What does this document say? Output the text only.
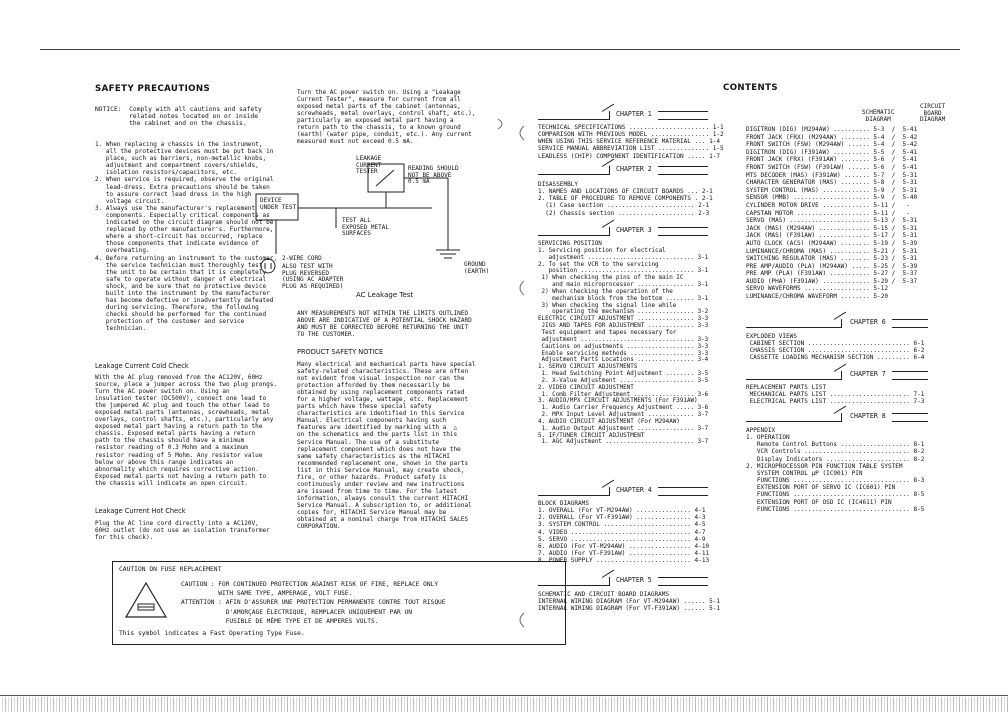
SAFETY PRECAUTIONS
NOTICE:  Comply with all cautions and safety
related notes located on or inside
the cabinet and on the chassis.
1. When replacing a chassis in the instrument,
all the protective devices must be put back in
place, such as barriers, non-metallic knobs,
adjustment and compartment covers/shields,
isolation resistors/capacitors, etc.
2. When service is required, observe the original
lead-dress. Extra precautions should be taken
to assure correct lead dress in the high
voltage circuit.
3. Always use the manufacturer's replacement
components. Especially critical components as
indicated on the circuit diagram should not be
replaced by other manufacturer's. Furthermore,
where a short-circuit has occurred, replace
those components that indicate evidence of
overheating.
4. Before returning an instrument to the customer,
the service technician must thoroughly test
the unit to be certain that it is completely
safe to operate without danger of electrical
shock, and be sure that no protective device
built into the instrument by the manufacturer
has become defective or inadvertently defeated
during servicing. Therefore, the following
checks should be performed for the continued
protection of the customer and service
technician.
Leakage Current Cold Check
With the AC plug removed from the AC120V, 60Hz
source, place a jumper across the two plug prongs.
Turn the AC power switch on. Using an
insulation tester (DC500V), connect one lead to
the jumpered AC plug and touch the other lead to
exposed metal parts (antennas, screwheads, metal
overlays, control shafts, etc.), particularly any
exposed metal part having a return path to the
chassis. Exposed metal parts having a return
path to the chassis should have a minimum
resistor reading of 0.3 Mohm and a maximum
resistor reading of 5 Mohm. Any resistor value
below or above this range indicates an
abnormality which requires corrective action.
Exposed metal parts not having a return path to
the chassis will indicate an open circuit.
Leakage Current Hot Check
Plug the AC line cord directly into a AC120V,
60Hz outlet (do not use an isolation transformer
for this check).
Turn the AC power switch on. Using a "Leakage
Current Tester", measure for current from all
exposed metal parts of the cabinet (antennas,
screwheads, metal overlays, control shaft, etc.),
particularly an exposed metal part having a
return path to the chassis, to a known ground
(earth) (water pipe, conduit, etc.). Any current
measured must not exceed 0.5 mA.
LEAKAGE
CURRENT
TESTER	READING SHOULD
NOT BE ABOVE
0.5 mA
DEVICE
UNDER TEST
TEST ALL
EXPOSED METAL
SURFACES
2-WIRE CORD
ALSO TEST WITH
PLUG REVERSED
(USING AC ADAPTER
PLUG AS REQUIRED)
GROUND
(EARTH)
AC Leakage Test
ANY MEASUREMENTS NOT WITHIN THE LIMITS OUTLINED
ABOVE ARE INDICATIVE OF A POTENTIAL SHOCK HAZARD
AND MUST BE CORRECTED BEFORE RETURNING THE UNIT
TO THE CUSTOMER.
PRODUCT SAFETY NOTICE
Many electrical and mechanical parts have special
safety-related characteristics. These are often
not evident from visual inspection nor can the
protection afforded by them necessarily be
obtained by using replacement components rated
for a higher voltage, wattage, etc. Replacement
parts which have these special safety
characteristics are identified in this Service
Manual. Electrical components having such
features are identified by marking with a  △
on the schematics and the parts list in this
Service Manual. The use of a substitute
replacement component which does not have the
same safety characteristics as the HITACHI
recommended replacement one, shown in the parts
list in this Service Manual, may create shock,
fire, or other hazards. Product safety is
continuously under review and new instructions
are issued from time to time. For the latest
information, always consult the current HITACHI
Service Manual. A subscription to, or additional
copies for, HITACHI Service Manual may be
obtained at a nominal charge from HITACHI SALES
CORPORATION.
CAUTION ON FUSE REPLACEMENT
CAUTION : FOR CONTINUED PROTECTION AGAINST RISK OF FIRE, REPLACE ONLY
WITH SAME TYPE, AMPERAGE, VOLT FUSE.
ATTENTION : AFIN D'ASSURER UNE PROTECTION PERMANENTE CONTRE TOUT RISQUE
D'AMORÇAGE ÉLECTRIQUE, REMPLACER UNIQUEMENT PAR UN
FUSIBLE DE MÊME TYPE ET DE AMPERES VOLTS.
This symbol indicates a Fast Operating Type Fuse.
CONTENTS
CHAPTER 1
TECHNICAL SPECIFICATIONS ...................... 1-1
COMPARISON WITH PREVIOUS MODEL ................ 1-2
WHEN USING THIS SERVICE REFERENCE MATERIAL ... 1-4
SERVICE MANUAL ABBREVIATION LIST .............. 1-5
LEADLESS (CHIP) COMPONENT IDENTIFICATION ..... 1-7
CHAPTER 2
DISASSEMBLY
1. NAMES AND LOCATIONS OF CIRCUIT BOARDS ... 2-1
2. TABLE OF PROCEDURE TO REMOVE COMPONENTS . 2-1
(1) Case section ........................ 2-1
(2) Chassis section ..................... 2-3
CHAPTER 3
SERVICING POSITION
1. Servicing position for electrical
adjustment .............................. 3-1
2. To set the VCR to the servicing
position ................................ 3-1
1) When checking the pins of the main IC
and main microprocessor ................ 3-1
2) When checking the operation of the
mechanism block from the bottom ........ 3-1
3) When checking the signal line while
operating the mechanism ................ 3-2
ELECTRIC CIRCUIT ADJUSTMENT ................ 3-3
JIGS AND TAPES FOR ADJUSTMENT ............. 3-3
Test equipment and tapes necessary for
adjustment ................................ 3-3
Cautions on adjustments ................... 3-3
Enable servicing methods .................. 3-3
Adjustment Parts Locations ................ 3-4
1. SERVO CIRCUIT ADJUSTMENTS
1. Head Switching Point Adjustment ........ 3-5
2. X-Value Adjustment ..................... 3-5
2. VIDEO CIRCUIT ADJUSTMENT
1. Comb Filter Adjustment ................. 3-6
3. AUDIO/MPX CIRCUIT ADJUSTMENTS (For F391AW)
1. Audio Carrier Frequency Adjustment ..... 3-6
2. MPX Input Level Adjustment ............. 3-7
4. AUDIO CIRCUIT ADJUSTMENT (For M294AW)
1. Audio Output Adjustment ................ 3-7
5. IF/TUNER CIRCUIT ADJUSTMENT
1. AGC Adjustment ......................... 3-7
CHAPTER 4
BLOCK DIAGRAMS
1. OVERALL (For VT-M294AW) ............... 4-1
2. OVERALL (For VT-F391AW) ............... 4-3
3. SYSTEM CONTROL ........................ 4-5
4. VIDEO ................................. 4-7
5. SERVO ................................. 4-9
6. AUDIO (For VT-M294AW) ................. 4-10
7. AUDIO (For VT-F391AW) ................. 4-11
8. POWER SUPPLY .......................... 4-13
CHAPTER 5
SCHEMATIC AND CIRCUIT BOARD DIAGRAMS
INTERNAL WIRING DIAGRAM (For VT-M294AW) ...... 5-1
INTERNAL WIRING DIAGRAM (For VT-F391AW) ...... 5-1
SCHEMATIC
DIAGRAM
CIRCUIT
BOARD
DIAGRAM
DIGITRON (DIG) (M294AW) .......... 5-3  /  5-41
FRONT JACK (FRX) (M294AW) ........ 5-4  /  5-42
FRONT SWITCH (FSW) (M294AW) ...... 5-4  /  5-42
DIGITRON (DIG) (F391AW) .......... 5-5  /  5-41
FRONT JACK (FRX) (F391AW) ........ 5-6  /  5-41
FRONT SWITCH (FSW) (F391AW) ...... 5-6  /  5-41
MTS DECODER (MAS) (F391AW) ....... 5-7  /  5-31
CHARACTER GENERATOR (MAS) ........ 5-8  /  5-31
SYSTEM CONTROL (MAS) ............. 5-9  /  5-31
SENSOR (MMB) ..................... 5-9  /  5-40
CYLINDER MOTOR DRIVE ............. 5-11 /   -
CAPSTAN MOTOR .................... 5-11 /   -
SERVO (MAS) ...................... 5-13 /  5-31
JACK (MAS) (M294AW) .............. 5-15 /  5-31
JACK (MAS) (F391AW) .............. 5-17 /  5-31
AUTO CLOCK (ACS) (M294AW) ........ 5-19 /  5-39
LUMINANCE/CHROMA (MAS) ........... 5-21 /  5-31
SWITCHING REGULATOR (MAS) ........ 5-23 /  5-31
PRE AMP/AUDIO (PLA) (M294AW) ..... 5-25 /  5-39
PRE AMP (PLA) (F391AW) ........... 5-27 /  5-37
AUDIO (PHA) (F391AW) ............. 5-29 /  5-37
SERVO WAVEFORMS .................. 5-12
LUMINANCE/CHROMA WAVEFORM ........ 5-20
CHAPTER 6
EXPLODED VIEWS
CABINET SECTION ............................ 6-1
CHASSIS SECTION ............................ 6-2
CASSETTE LOADING MECHANISM SECTION ......... 6-4
CHAPTER 7
REPLACEMENT PARTS LIST
MECHANICAL PARTS LIST ...................... 7-1
ELECTRICAL PARTS LIST ...................... 7-3
CHAPTER 8
APPENDIX
1. OPERATION
Remote Control Buttons ................... 8-1
VCR Controls ............................. 8-2
Display Indicators ....................... 8-2
2. MICROPROCESSOR PIN FUNCTION TABLE SYSTEM
SYSTEM CONTROL μP (IC901) PIN
FUNCTIONS ................................ 8-3
EXTENSION PORT OF SERVO IC (IC601) PIN
FUNCTIONS ................................ 8-5
EXTENSION PORT OF OSD IC (IC4611) PIN
FUNCTIONS ................................ 8-5
